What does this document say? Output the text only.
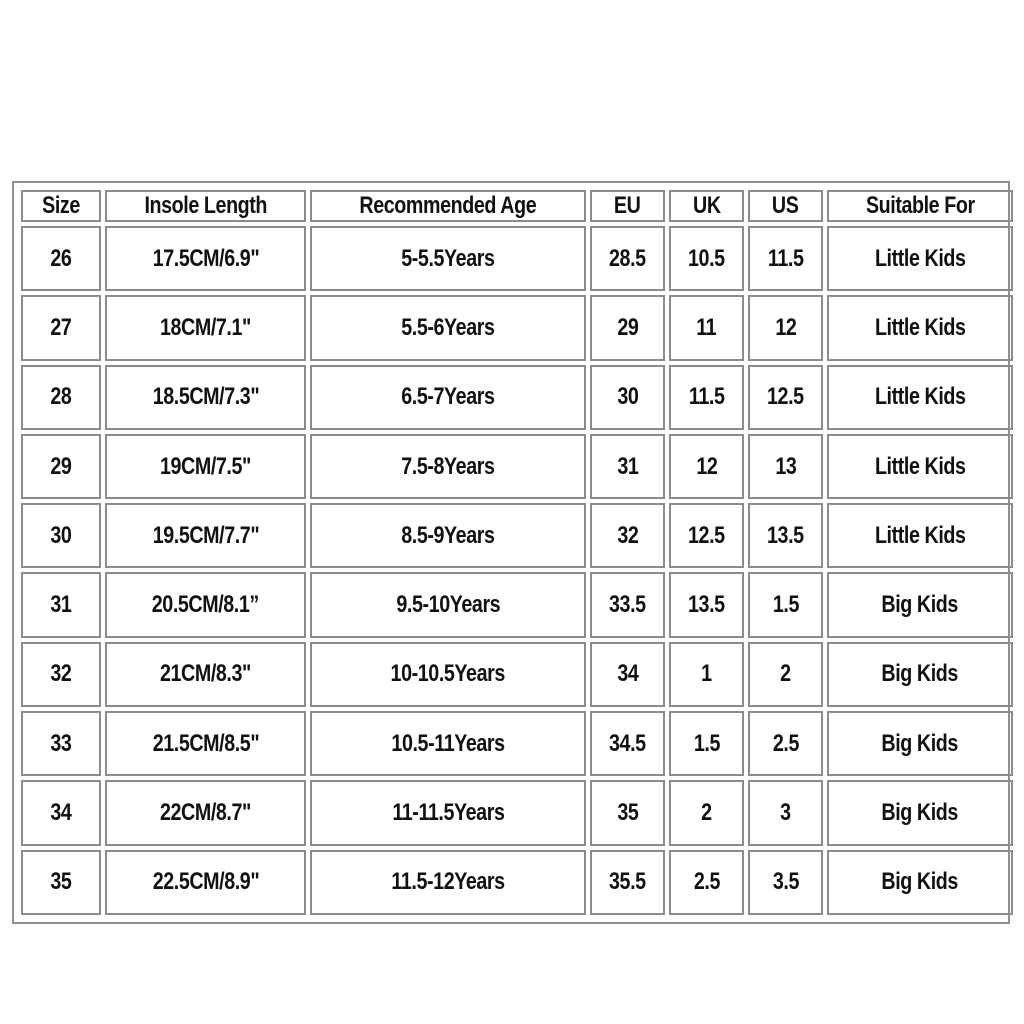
Size	Insole Length	Recommended Age	EU	UK	US	Suitable For
26	17.5CM/6.9"	5-5.5Years	28.5	10.5	11.5	Little Kids
27	18CM/7.1"	5.5-6Years	29	11	12	Little Kids
28	18.5CM/7.3"	6.5-7Years	30	11.5	12.5	Little Kids
29	19CM/7.5"	7.5-8Years	31	12	13	Little Kids
30	19.5CM/7.7"	8.5-9Years	32	12.5	13.5	Little Kids
31	20.5CM/8.1”	9.5-10Years	33.5	13.5	1.5	Big Kids
32	21CM/8.3"	10-10.5Years	34	1	2	Big Kids
33	21.5CM/8.5"	10.5-11Years	34.5	1.5	2.5	Big Kids
34	22CM/8.7"	11-11.5Years	35	2	3	Big Kids
35	22.5CM/8.9"	11.5-12Years	35.5	2.5	3.5	Big Kids
